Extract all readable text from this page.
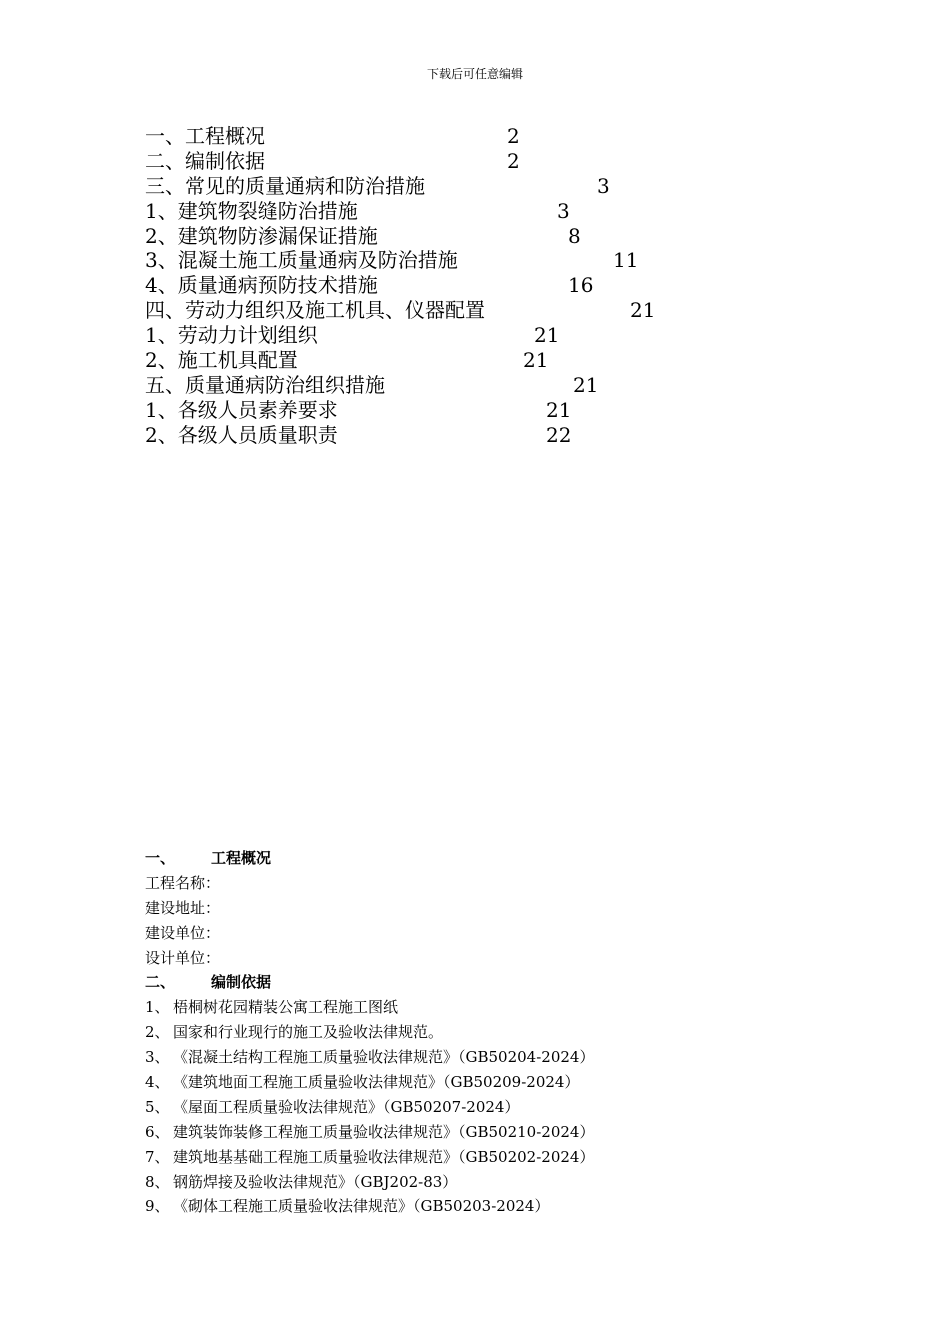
下载后可任意编辑
一、工程概况	2
二、编制依据	2
三、常见的质量通病和防治措施	3
1、建筑物裂缝防治措施	3
2、建筑物防渗漏保证措施	8
3、混凝土施工质量通病及防治措施	11
4、质量通病预防技术措施	16
四、劳动力组织及施工机具、仪器配置	21
1、劳动力计划组织	21
2、施工机具配置	21
五、质量通病防治组织措施	21
1、各级人员素养要求	21
2、各级人员质量职责	22
一、 工程概况
工程名称：
建设地址：
建设单位：
设计单位：
二、 编制依据
1、 梧桐树花园精装公寓工程施工图纸
2、 国家和行业现行的施工及验收法律规范。
3、 《混凝土结构工程施工质量验收法律规范》（GB50204-2024）
4、 《建筑地面工程施工质量验收法律规范》（GB50209-2024）
5、 《屋面工程质量验收法律规范》（GB50207-2024）
6、 建筑装饰装修工程施工质量验收法律规范》（GB50210-2024）
7、 建筑地基基础工程施工质量验收法律规范》（GB50202-2024）
8、 钢筋焊接及验收法律规范》（GBJ202-83）
9、 《砌体工程施工质量验收法律规范》（GB50203-2024）
